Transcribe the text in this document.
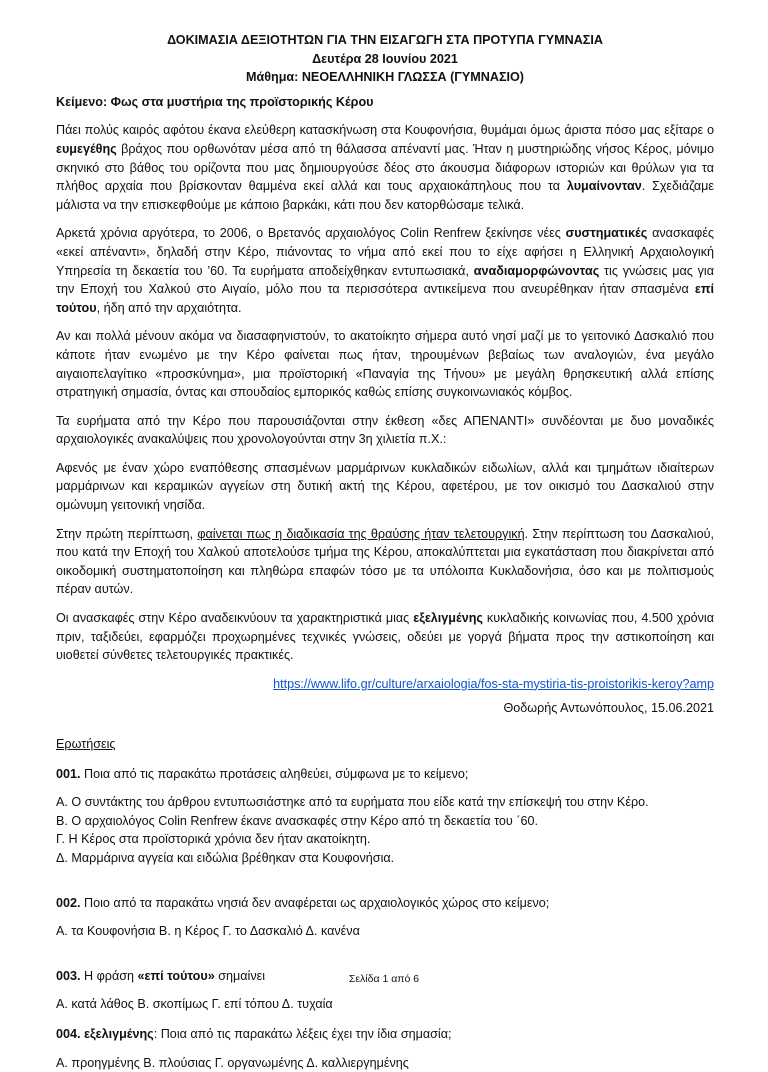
ΔΟΚΙΜΑΣΙΑ ΔΕΞΙΟΤΗΤΩΝ ΓΙΑ ΤΗΝ ΕΙΣΑΓΩΓΗ ΣΤΑ ΠΡΟΤΥΠΑ ΓΥΜΝΑΣΙΑ
Δευτέρα 28 Ιουνίου 2021
Μάθημα: ΝΕΟΕΛΛΗΝΙΚΗ ΓΛΩΣΣΑ (ΓΥΜΝΑΣΙΟ)
Κείμενο: Φως στα μυστήρια της προϊστορικής Κέρου

Πάει πολύς καιρός αφότου έκανα ελεύθερη κατασκήνωση στα Κουφονήσια, θυμάμαι όμως άριστα πόσο μας εξίταρε ο ευμεγέθης βράχος που ορθωνόταν μέσα από τη θάλασσα απέναντί μας. Ήταν η μυστηριώδης νήσος Κέρος, μόνιμο σκηνικό στο βάθος του ορίζοντα που μας δημιουργούσε δέος στο άκουσμα διάφορων ιστοριών και θρύλων για τα πλήθος αρχαία που βρίσκονταν θαμμένα εκεί αλλά και τους αρχαιοκάπηλους που τα λυμαίνονταν. Σχεδιάζαμε μάλιστα να την επισκεφθούμε με κάποιο βαρκάκι, κάτι που δεν κατορθώσαμε τελικά.

Αρκετά χρόνια αργότερα, το 2006, ο Βρετανός αρχαιολόγος Colin Renfrew ξεκίνησε νέες συστηματικές ανασκαφές «εκεί απέναντι», δηλαδή στην Κέρο, πιάνοντας το νήμα από εκεί που το είχε αφήσει η Ελληνική Αρχαιολογική Υπηρεσία τη δεκαετία του ’60. Τα ευρήματα αποδείχθηκαν εντυπωσιακά, αναδιαμορφώνοντας τις γνώσεις μας για την Εποχή του Χαλκού στο Αιγαίο, μόλο που τα περισσότερα αντικείμενα που ανευρέθηκαν ήταν σπασμένα επί τούτου, ήδη από την αρχαιότητα.

Αν και πολλά μένουν ακόμα να διασαφηνιστούν, το ακατοίκητο σήμερα αυτό νησί μαζί με το γειτονικό Δασκαλιό που κάποτε ήταν ενωμένο με την Κέρο φαίνεται πως ήταν, τηρουμένων βεβαίως των αναλογιών, ένα μεγάλο αιγαιοπελαγίτικο «προσκύνημα», μια προϊστορική «Παναγία της Τήνου» με μεγάλη θρησκευτική αλλά επίσης στρατηγική σημασία, όντας και σπουδαίος εμπορικός καθώς επίσης συγκοινωνιακός κόμβος.

Τα ευρήματα από την Κέρο που παρουσιάζονται στην έκθεση «δες ΑΠΕΝΑΝΤΙ» συνδέονται με δυο μοναδικές αρχαιολογικές ανακαλύψεις που χρονολογούνται στην 3η χιλιετία π.Χ.:

Αφενός με έναν χώρο εναπόθεσης σπασμένων μαρμάρινων κυκλαδικών ειδωλίων, αλλά και τμημάτων ιδιαίτερων μαρμάρινων και κεραμικών αγγείων στη δυτική ακτή της Κέρου, αφετέρου, με τον οικισμό του Δασκαλιού στην ομώνυμη γειτονική νησίδα.

Στην πρώτη περίπτωση, φαίνεται πως η διαδικασία της θραύσης ήταν τελετουργική. Στην περίπτωση του Δασκαλιού, που κατά την Εποχή του Χαλκού αποτελούσε τμήμα της Κέρου, αποκαλύπτεται μια εγκατάσταση που διακρίνεται από οικοδομική συστηματοποίηση και πληθώρα επαφών τόσο με τα υπόλοιπα Κυκλαδονήσια, όσο και με πολιτισμούς πέραν αυτών.

Οι ανασκαφές στην Κέρο αναδεικνύουν τα χαρακτηριστικά μιας εξελιγμένης κυκλαδικής κοινωνίας που, 4.500 χρόνια πριν, ταξιδεύει, εφαρμόζει προχωρημένες τεχνικές γνώσεις, οδεύει με γοργά βήματα προς την αστικοποίηση και υιοθετεί σύνθετες τελετουργικές πρακτικές.

https://www.lifo.gr/culture/arxaiologia/fos-sta-mystiria-tis-proistorikis-keroy?amp
Θοδωρής Αντωνόπουλος, 15.06.2021
Ερωτήσεις
001. Ποια από τις παρακάτω προτάσεις αληθεύει, σύμφωνα με το κείμενο;
Α. Ο συντάκτης του άρθρου εντυπωσιάστηκε από τα ευρήματα που είδε κατά την επίσκεψή του στην Κέρο.
Β. Ο αρχαιολόγος Colin Renfrew έκανε ανασκαφές στην Κέρο από τη δεκαετία του ΄60.
Γ. Η Κέρος στα προϊστορικά χρόνια δεν ήταν ακατοίκητη.
Δ. Μαρμάρινα αγγεία και ειδώλια βρέθηκαν στα Κουφονήσια.
002. Ποιο από τα παρακάτω νησιά δεν αναφέρεται ως αρχαιολογικός χώρος στο κείμενο;
Α. τα Κουφονήσια Β. η Κέρος Γ. το Δασκαλιό Δ. κανένα
003. Η φράση «επί τούτου» σημαίνει
Α. κατά λάθος Β. σκοπίμως Γ. επί τόπου Δ. τυχαία
004. εξελιγμένης: Ποια από τις παρακάτω λέξεις έχει την ίδια σημασία;
Α. προηγμένης Β. πλούσιας Γ. οργανωμένης Δ. καλλιεργημένης
Σελίδα 1 από 6
